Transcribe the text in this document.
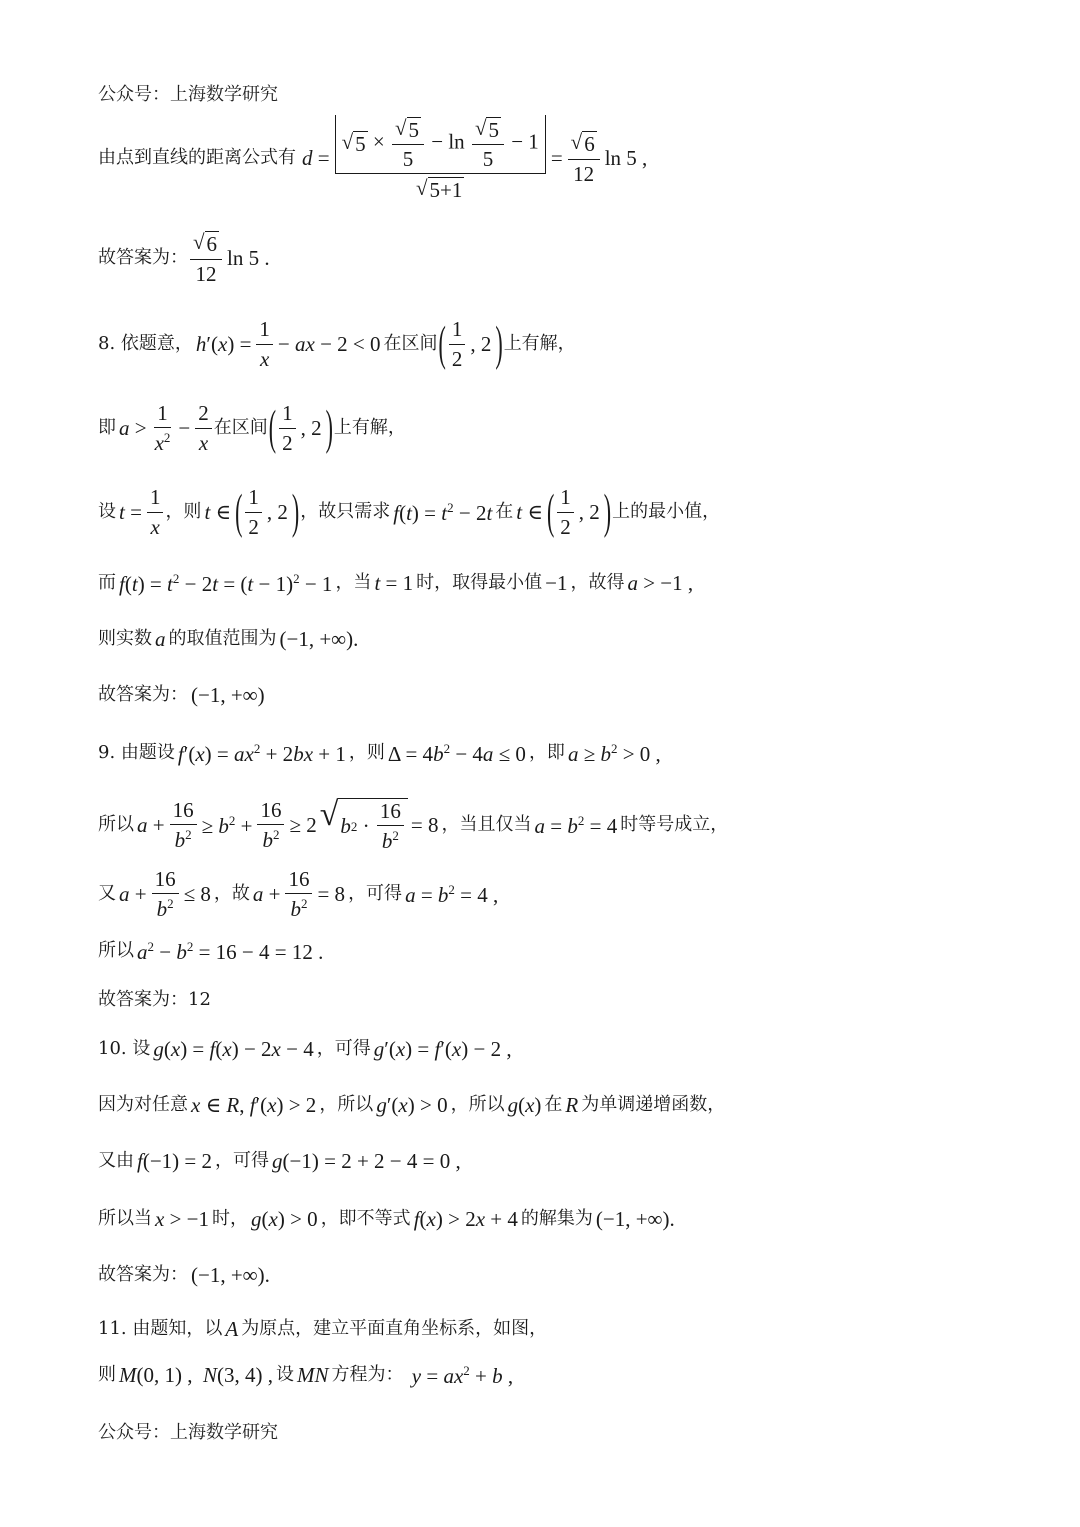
公众号：上海数学研究
由点到直线的距离公式有 $d = \frac{√ 5 \times \frac{√ 5}{5} - \ln \frac{√ 5}{5} - 1}{√ 5+1} = \frac{√ 6}{12}$ ln 5 ,
故答案为： $\frac{√ 6}{12}$ ln 5 .
8. 依题意， $h'(x) = \frac{1}{x}$ − ax − 2 < 0 在区间 ( $\frac{1}{2}$ , 2 ) 上有解，
即 $a > \frac{1}{x^2} - \frac{2}{x}$ 在区间 ( $\frac{1}{2}$ , 2 ) 上有解，
设 $t = \frac{1}{x}$ ，则 t ∈ ( $\frac{1}{2}$ , 2 ) ，故只需求 $f(t) = t^2 - 2t$ 在 t ∈ ( $\frac{1}{2}$ , 2 ) 上的最小值，
而 $f(t) = t^2 - 2t = (t - 1)^2 - 1$ ，当 t = 1 时，取得最小值 −1 ，故得 a > −1 ,
则实数 a 的取值范围为 (−1, +∞).
故答案为： (−1, +∞)
9. 由题设 $f'(x) = ax^2 + 2bx + 1$ ，则 $\Delta = 4b^2 - 4a \le 0$ ，即 $a \ge b^2 > 0$ ,
所以 $a + \frac{16}{b^2} \ge b^2 + \frac{16}{b^2} \ge 2$ √ b $2 \cdot \frac{16}{b^2} = 8$ ，当且仅当 $a = b^2 = 4$ 时等号成立，
又 $a + \frac{16}{b^2} \le 8$ ，故 $a + \frac{16}{b^2} = 8$ ，可得 $a = b^2 = 4$ ,
所以 $a^2 - b^2 = 16 - 4 = 12$ .
故答案为：12
10. 设 g(x) = f(x) − 2x − 4 ，可得 g′(x) = f′(x) − 2 ,
因为对任意 x ∈ R, f′(x) > 2 ，所以 g′(x) > 0 ，所以 g(x) 在 R 为单调递增函数，
又由 f(−1) = 2 ，可得 g(−1) = 2 + 2 − 4 = 0 ,
所以当 x > −1 时， g(x) > 0 ，即不等式 f(x) > 2x + 4 的解集为 (−1, +∞).
故答案为： (−1, +∞).
11. 由题知，以 A 为原点，建立平面直角坐标系，如图，
则 M(0, 1) ,  N(3, 4) , 设 MN 方程为： $y = ax^2 + b$ ,
公众号：上海数学研究
